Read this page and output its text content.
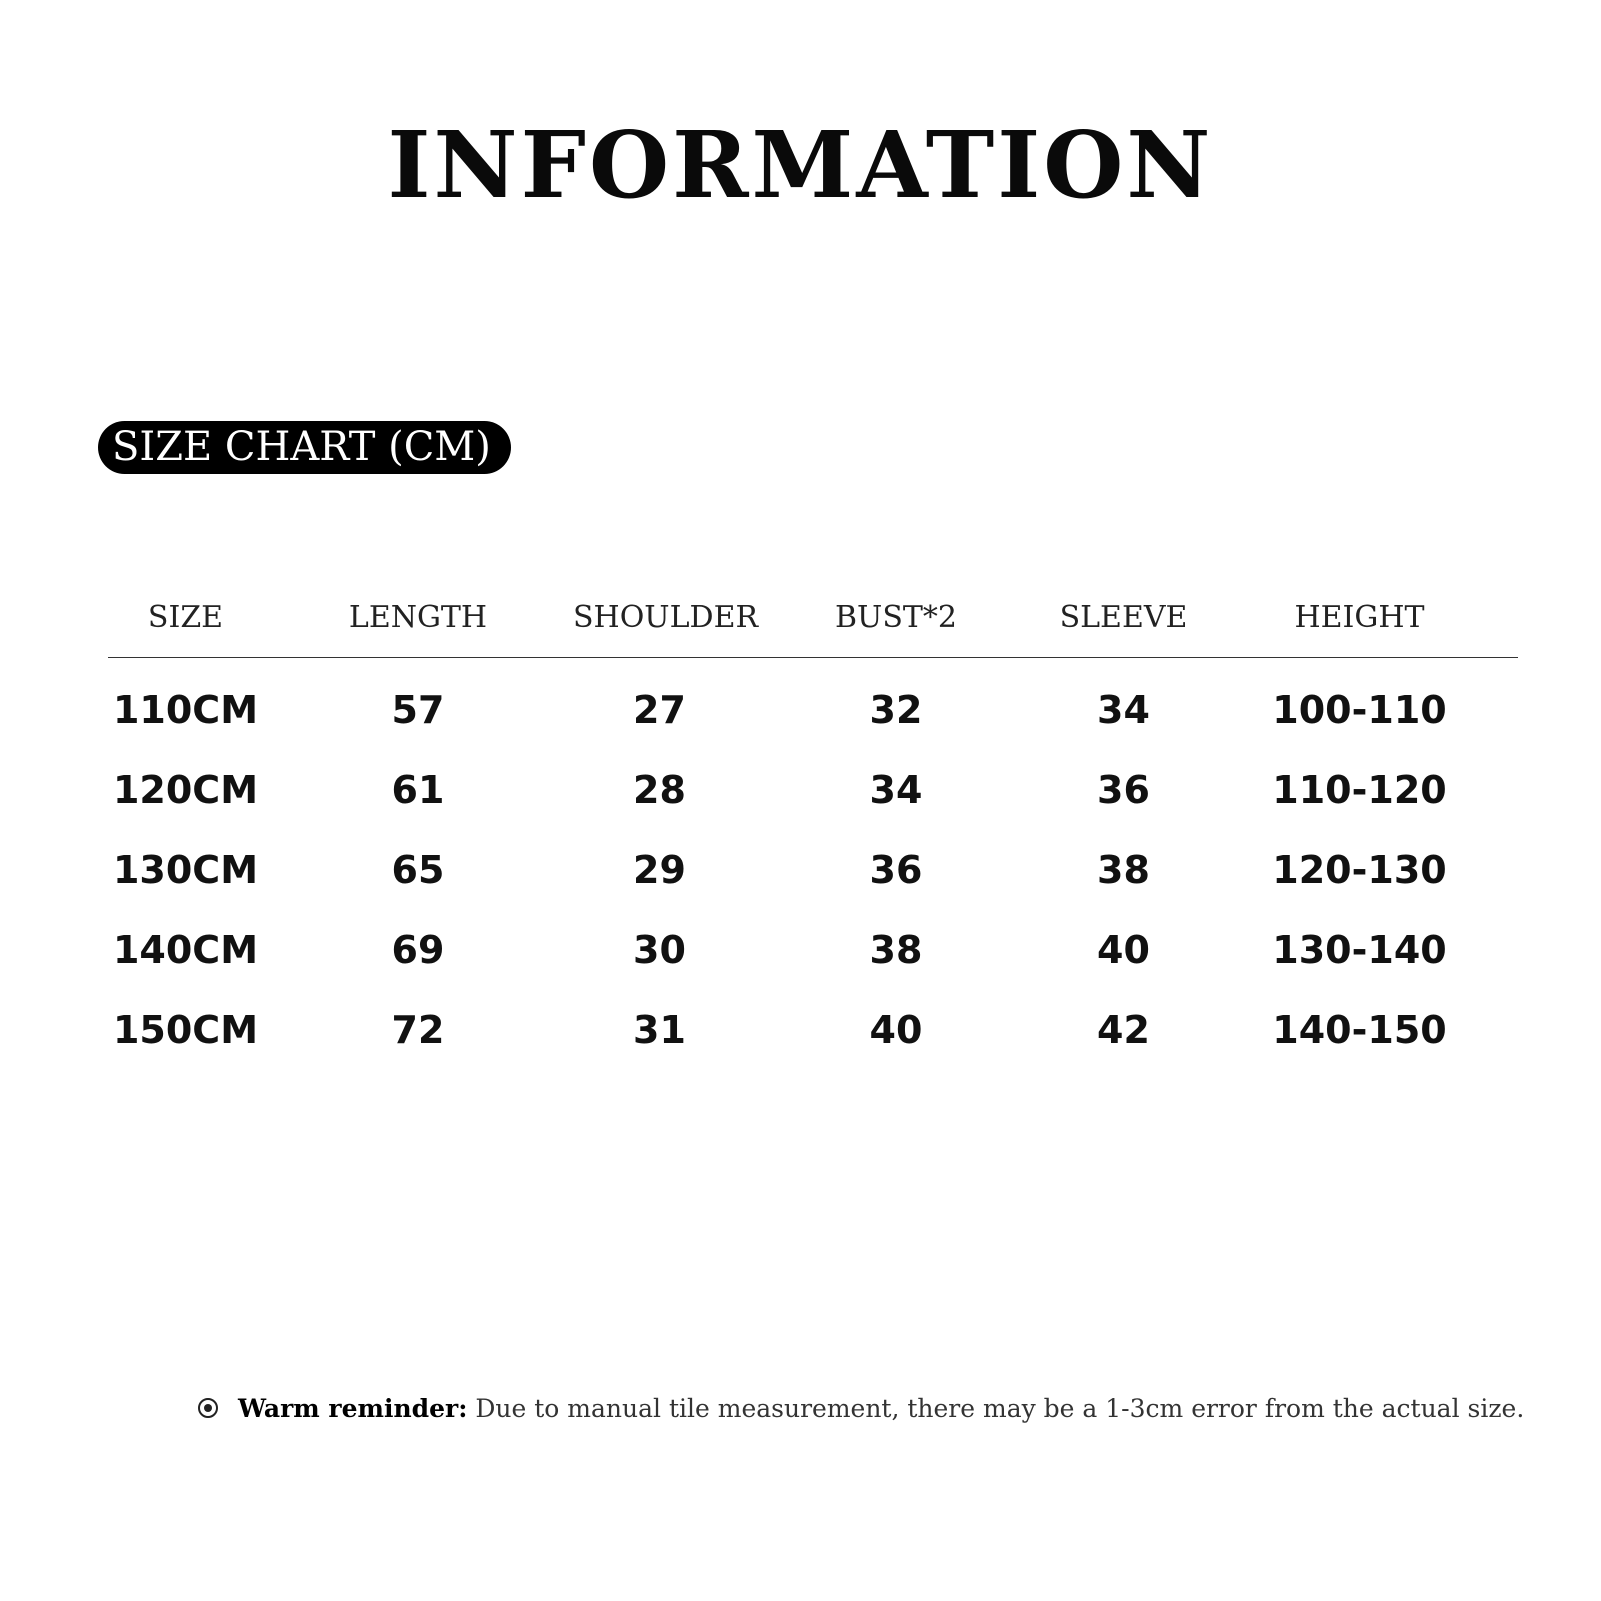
INFORMATION
SIZE CHART (CM)
SIZE	LENGTH	SHOULDER	BUST*2	SLEEVE	HEIGHT
110CM	57	27	32	34	100-110
120CM	61	28	34	36	110-120
130CM	65	29	36	38	120-130
140CM	69	30	38	40	130-140
150CM	72	31	40	42	140-150
Warm reminder: Due to manual tile measurement, there may be a 1-3cm error from the actual size.
